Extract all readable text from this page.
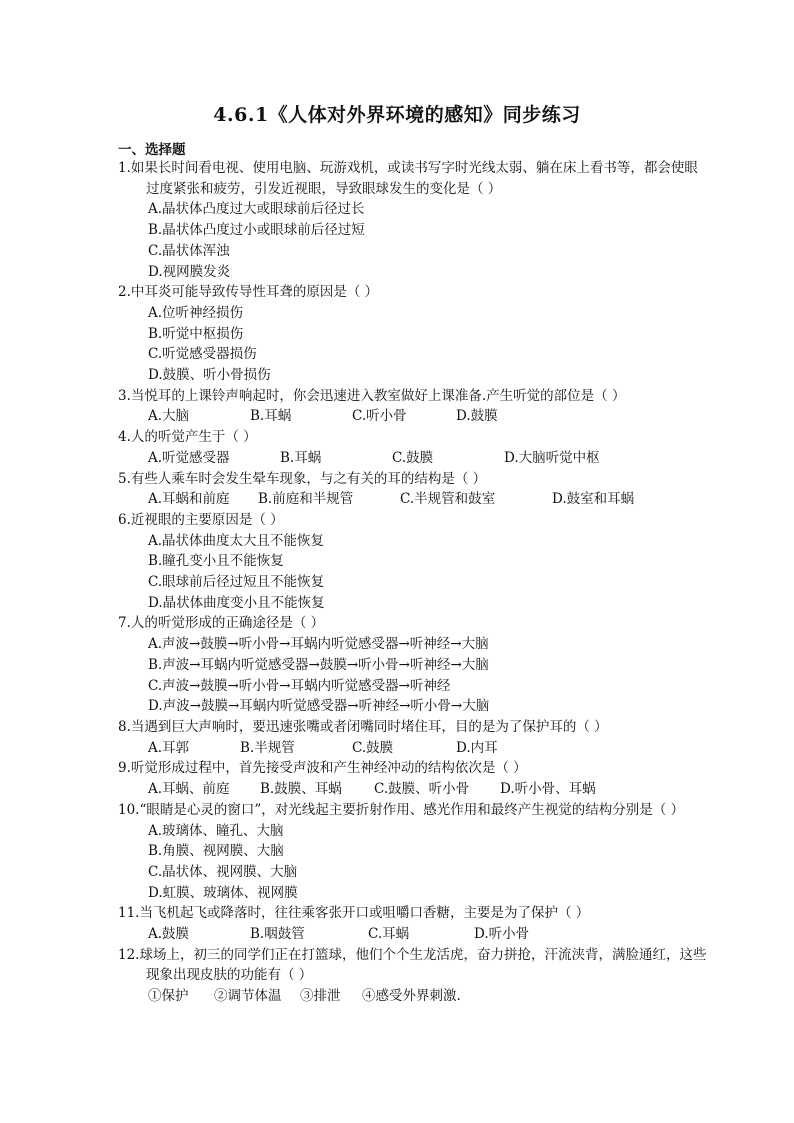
4.6.1《人体对外界环境的感知》同步练习
一、选择题

1.如果长时间看电视、使用电脑、玩游戏机，或读书写字时光线太弱、躺在床上看书等，都会使眼过度紧张和疲劳，引发近视眼，导致眼球发生的变化是（ ）

A.晶状体凸度过大或眼球前后径过长

B.晶状体凸度过小或眼球前后径过短

C.晶状体浑浊

D.视网膜发炎

2.中耳炎可能导致传导性耳聋的原因是（ ）

A.位听神经损伤

B.听觉中枢损伤

C.听觉感受器损伤

D.鼓膜、听小骨损伤

3.当悦耳的上课铃声响起时，你会迅速进入教室做好上课准备.产生听觉的部位是（ ）

A.大脑	B.耳蜗	C.听小骨	D.鼓膜

4.人的听觉产生于（ ）

A.听觉感受器	B.耳蜗	C.鼓膜	D.大脑听觉中枢

5.有些人乘车时会发生晕车现象，与之有关的耳的结构是（ ）

A.耳蜗和前庭	B.前庭和半规管	C.半规管和鼓室	D.鼓室和耳蜗

6.近视眼的主要原因是（ ）

A.晶状体曲度太大且不能恢复

B.瞳孔变小且不能恢复

C.眼球前后径过短且不能恢复

D.晶状体曲度变小且不能恢复

7.人的听觉形成的正确途径是（ ）

A.声波→鼓膜→听小骨→耳蜗内听觉感受器→听神经→大脑

B.声波→耳蜗内听觉感受器→鼓膜→听小骨→听神经→大脑

C.声波→鼓膜→听小骨→耳蜗内听觉感受器→听神经

D.声波→鼓膜→耳蜗内听觉感受器→听神经→听小骨→大脑

8.当遇到巨大声响时，要迅速张嘴或者闭嘴同时堵住耳，目的是为了保护耳的（ ）

A.耳郭	B.半规管	C.鼓膜	D.内耳

9.听觉形成过程中，首先接受声波和产生神经冲动的结构依次是（ ）

A.耳蜗、前庭	B.鼓膜、耳蜗	C.鼓膜、听小骨	D.听小骨、耳蜗

10.“眼睛是心灵的窗口”，对光线起主要折射作用、感光作用和最终产生视觉的结构分别是（ ）

A.玻璃体、瞳孔、大脑

B.角膜、视网膜、大脑

C.晶状体、视网膜、大脑

D.虹膜、玻璃体、视网膜

11.当飞机起飞或降落时，往往乘客张开口或咀嚼口香糖，主要是为了保护（ ）

A.鼓膜	B.咽鼓管	C.耳蜗	D.听小骨

12.球场上，初三的同学们正在打篮球，他们个个生龙活虎，奋力拼抢，汗流浃背，满脸通红，这些现象出现皮肤的功能有（ ）

①保护	②调节体温	③排泄	④感受外界刺激.
